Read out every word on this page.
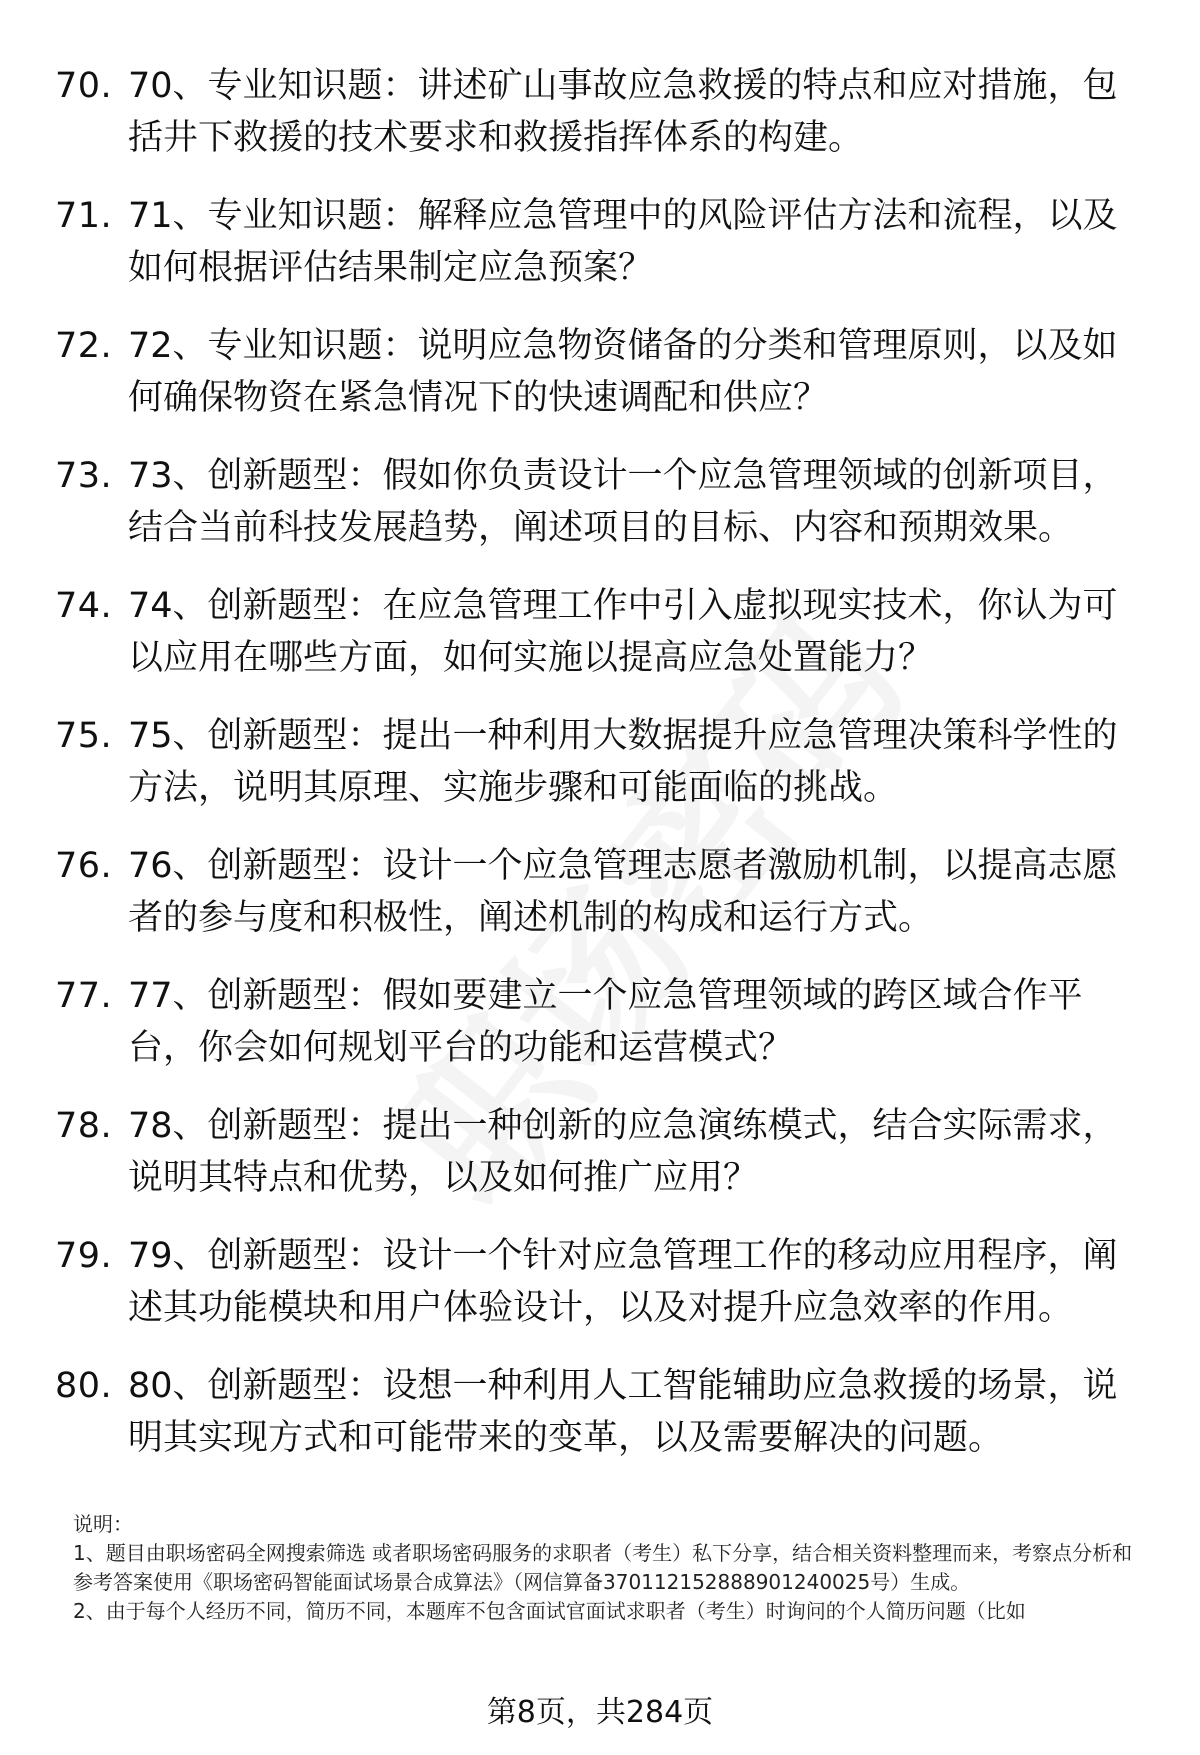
70. 70、专业知识题：讲述矿山事故应急救援的特点和应对措施，包括井下救援的技术要求和救援指挥体系的构建。
71. 71、专业知识题：解释应急管理中的风险评估方法和流程，以及如何根据评估结果制定应急预案？
72. 72、专业知识题：说明应急物资储备的分类和管理原则，以及如何确保物资在紧急情况下的快速调配和供应？
73. 73、创新题型：假如你负责设计一个应急管理领域的创新项目，结合当前科技发展趋势，阐述项目的目标、内容和预期效果。
74. 74、创新题型：在应急管理工作中引入虚拟现实技术，你认为可以应用在哪些方面，如何实施以提高应急处置能力？
75. 75、创新题型：提出一种利用大数据提升应急管理决策科学性的方法，说明其原理、实施步骤和可能面临的挑战。
76. 76、创新题型：设计一个应急管理志愿者激励机制，以提高志愿者的参与度和积极性，阐述机制的构成和运行方式。
77. 77、创新题型：假如要建立一个应急管理领域的跨区域合作平台，你会如何规划平台的功能和运营模式？
78. 78、创新题型：提出一种创新的应急演练模式，结合实际需求，说明其特点和优势，以及如何推广应用？
79. 79、创新题型：设计一个针对应急管理工作的移动应用程序，阐述其功能模块和用户体验设计，以及对提升应急效率的作用。
80. 80、创新题型：设想一种利用人工智能辅助应急救援的场景，说明其实现方式和可能带来的变革，以及需要解决的问题。

说明：

1、题目由职场密码全网搜索筛选 或者职场密码服务的求职者（考生）私下分享，结合相关资料整理而来，考察点分析和参考答案使用《职场密码智能面试场景合成算法》（网信算备370112152888901240025号）生成。

2、由于每个人经历不同，简历不同，本题库不包含面试官面试求职者（考生）时询问的个人简历问题（比如

第8页，共284页
